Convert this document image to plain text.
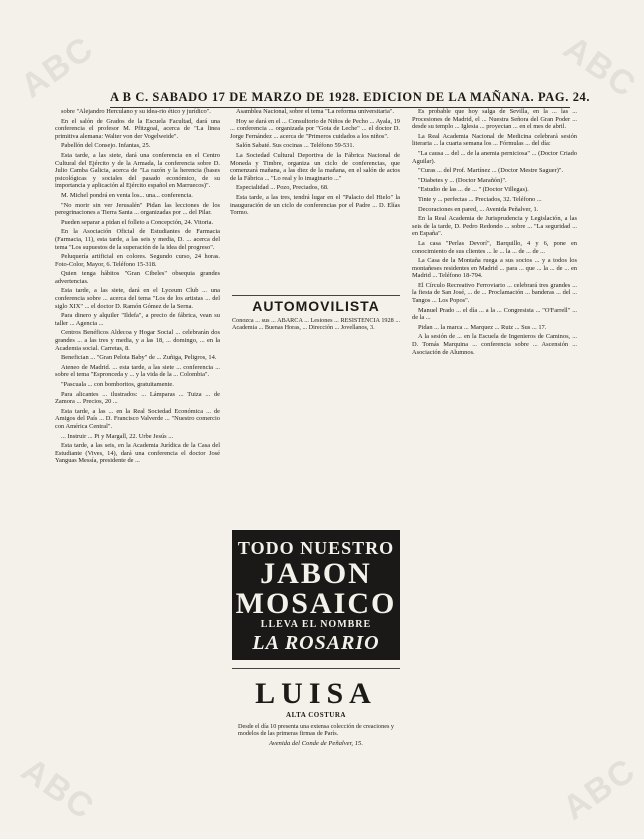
ABC	ABC
ABC	ABC
A B C. SABADO 17 DE MARZO DE 1928. EDICION DE LA MAÑANA. PAG. 24.

sobre "Alejandro Herculano y su idea-rio ético y jurídico".

En el salón de Grados de la Escuela Facultad, dará una conferencia el profesor M. Pfitzgoal, acerca de "La linea primitiva alemana: Walter von der Vogelweide".

Pabellón del Consejo. Infantas, 25.

Esta tarde, a las siete, dará una conferencia en el Centro Cultural del Ejército y de la Armada, la conferencia sobre D. Julio Camba Galicia, acerca de "La razón y la herencia (bases psicológicas y sociales del pasado económico, de su importancia y aplicación al Ejército español en Marruecos)".

M. Michel pondrá en venta los... una... conferencia.

"No morir sin ver Jerusalén" Pidan las lecciones de los peregrinaciones a Tierra Santa ... organizadas por ... del Pilar.

Pueden separar a pidan el folleto a Concepción, 24. Vitoria.

En la Asociación Oficial de Estudiantes de Farmacia (Farmacia, 11), esta tarde, a las seis y media, D. ... acerca del tema "Los supuestos de la superación de la idea del progreso".

Peluquería artificial en colores. Segundo curso, 24 horas. Foto-Color, Mayor, 6. Teléfono 15-318.

Quien tenga hábitos "Gran Cibeles" obsequia grandes advertencias.

Esta tarde, a las siete, dará en el Lyceum Club ... una conferencia sobre ... acerca del tema "Los de los artistas ... del siglo XIX" ... el doctor D. Ramón Gómez de la Serna.

Para dinero y alquiler "Ildefa", a precio de fábrica, vean su taller ... Agencia ...

Centros Benéficos Aldecoa y Hogar Social ... celebrarán dos grandes ... a las tres y media, y a las 18, ... domingo, ... en la Academia social. Carretas, 8.

Benefician ... "Gran Pelota Baby" de ... Zuñiga, Peligros, 14.

Ateneo de Madrid. ... esta tarde, a las siete ... conferencia ... sobre el tema "Espronceda y ... y la vida de la ... Colombia".

"Pascuala ... con bomboritos, gratuitamente.

Para alicantes ... ilustrados: ... Lámparas ... Tuiza ... de Zamora ... Precios, 20 ...

Esta tarde, a las ... en la Real Sociedad Económica ... de Amigos del País ... D. Francisco Valverde ... "Nuestro comercio con América Central".

... Instruir ... Pi y Margall, 22. Urbe Jesús ...

Esta tarde, a las seis, en la Academia Jurídica de la Casa del Estudiante (Vives, 14), dará una conferencia el doctor José Yanguas Messía, presidente de ...

Asamblea Nacional, sobre el tema "La reforma universitaria".

Hoy se dará en el ... Consultorio de Niños de Pecho ... Ayala, 19 ... conferencia ... organizada por "Gota de Leche" ... el doctor D. Jorge Fernández ... acerca de "Primeros cuidados a los niños".

Salón Sabaté. Sus cocinas ... Teléfono 59-531.

La Sociedad Cultural Deportiva de la Fábrica Nacional de Moneda y Timbre, organiza un ciclo de conferencias, que comenzará mañana, a las diez de la mañana, en el salón de actos de la Fábrica ... "Lo real y lo imaginario ..."

Especialidad ... Pozo, Preciados, 68.

Esta tarde, a las tres, tendrá lugar en el "Palacio del Hielo" la inauguración de un ciclo de conferencias por el Padre ... D. Elías Tormo.

AUTOMOVILISTA
Conozca ... sus ... ABARCA ... Lesiones ... RESISTENCIA 1928 ... Academia ... Buenas Horas, ... Dirección ... Jovellanos, 3.
TODO NUESTRO
JABON
MOSAICO
LLEVA EL NOMBRE
LA ROSARIO
LUISA
ALTA COSTURA
Desde el día 10 presenta una extensa colección de creaciones y modelos de las primeras firmas de París.
Avenida del Conde de Peñalver, 15.

Es probable que hoy salga de Sevilla, en la ... las ... Procesiones de Madrid, el ... Nuestra Señora del Gran Poder ... desde su templo ... Iglesia ... proyectan ... en el mes de abril.

La Real Academia Nacional de Medicina celebrará sesión literaria ... la cuarta semana los ... Fórmulas ... del día:

"La causa ... del ... de la anemia perniciosa" ... (Doctor Criado Aguilar).

"Curas ... del Prof. Martínez ... (Doctor Mestre Saguer)".

"Diabetes y ... (Doctor Marañón)".

"Estudio de las ... de ... " (Doctor Villegas).

Tinte y ... perfectas ... Preciados, 32. Teléfono ...

Decoraciones en pared, ... Avenida Peñalver, 1.

En la Real Academia de Jurisprudencia y Legislación, a las seis de la tarde, D. Pedro Redondo ... sobre ... "La seguridad ... en España".

La casa "Perlas Devorí", Barquillo, 4 y 6, pone en conocimiento de sus clientes ... le ... la ... de ... de ...

La Casa de la Montaña ruega a sus socios ... y a todos los montañeses residentes en Madrid ... para ... que ... la ... de ... en Madrid ... Teléfono 18-794.

El Círculo Recreativo Ferroviario ... celebrará tres grandes ... la fiesta de San José, ... de ... Proclamación ... banderas ... del ... Tangos ... Los Popos".

Manuel Prado ... el día ... a la ... Congresista ... "O'Farrell" ... de la ...

Pidan ... la marca ... Marquez ... Ruiz ... Sus ... 17.

A la sesión de ... en la Escuela de Ingenieros de Caminos, ... D. Tomás Marquina ... conferencia sobre ... Ascensión ... Asociación de Alumnos.
